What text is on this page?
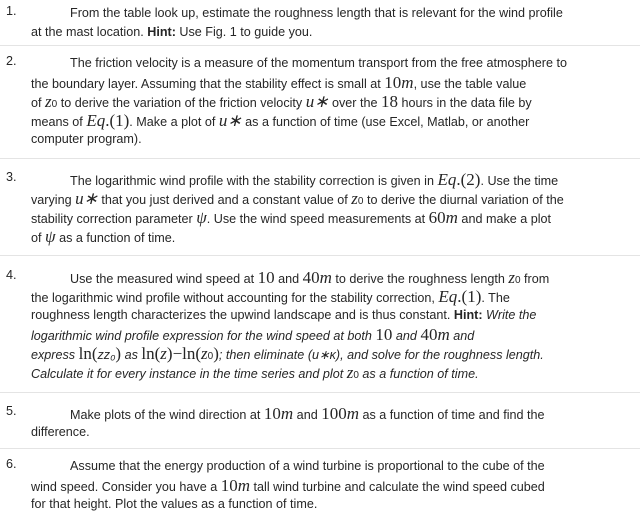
1.	From the table look up, estimate the roughness length that is relevant for the wind profile
at the mast location. Hint: Use Fig. 1 to guide you.
2.	The friction velocity is a measure of the momentum transport from the free atmosphere to
the boundary layer. Assuming that the stability effect is small at 10m, use the table value
of z0 to derive the variation of the friction velocity u∗ over the 18 hours in the data file by
means of Eq.(1). Make a plot of u∗ as a function of time (use Excel, Matlab, or another
computer program).
3.	The logarithmic wind profile with the stability correction is given in Eq.(2). Use the time
varying u∗ that you just derived and a constant value of z0 to derive the diurnal variation of the
stability correction parameter ψ. Use the wind speed measurements at 60m and make a plot
of ψ as a function of time.
4.	Use the measured wind speed at 10 and 40m to derive the roughness length z0 from
the logarithmic wind profile without accounting for the stability correction, Eq.(1). The
roughness length characterizes the upwind landscape and is thus constant. Hint: Write the
logarithmic wind profile expression for the wind speed at both 10 and 40m and
express ln(zz₀) as ln(z)−ln(z0); then eliminate (u∗κ), and solve for the roughness length.
Calculate it for every instance in the time series and plot z0 as a function of time.
5.	Make plots of the wind direction at 10m and 100m as a function of time and find the
difference.
6.	Assume that the energy production of a wind turbine is proportional to the cube of the
wind speed. Consider you have a 10m tall wind turbine and calculate the wind speed cubed
for that height. Plot the values as a function of time.
